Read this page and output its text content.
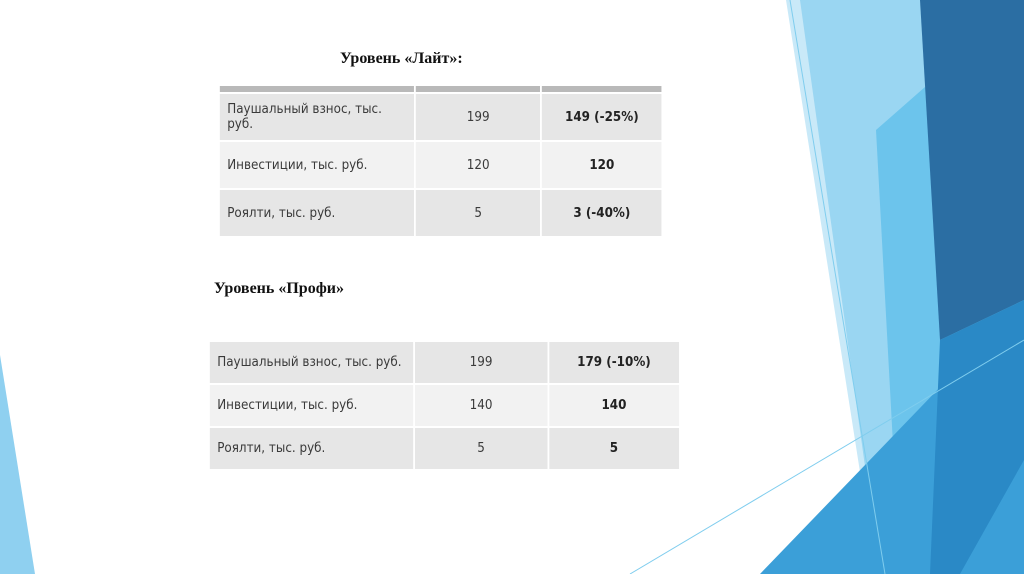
Уровень «Лайт»:

Паушальный взнос, тыс. руб.	199	149 (-25%)
Инвестиции, тыс. руб.	120	120
Роялти, тыс. руб.	5	3 (-40%)
Уровень «Профи»
Паушальный взнос, тыс. руб.	199	179 (-10%)
Инвестиции, тыс. руб.	140	140
Роялти, тыс. руб.	5	5
